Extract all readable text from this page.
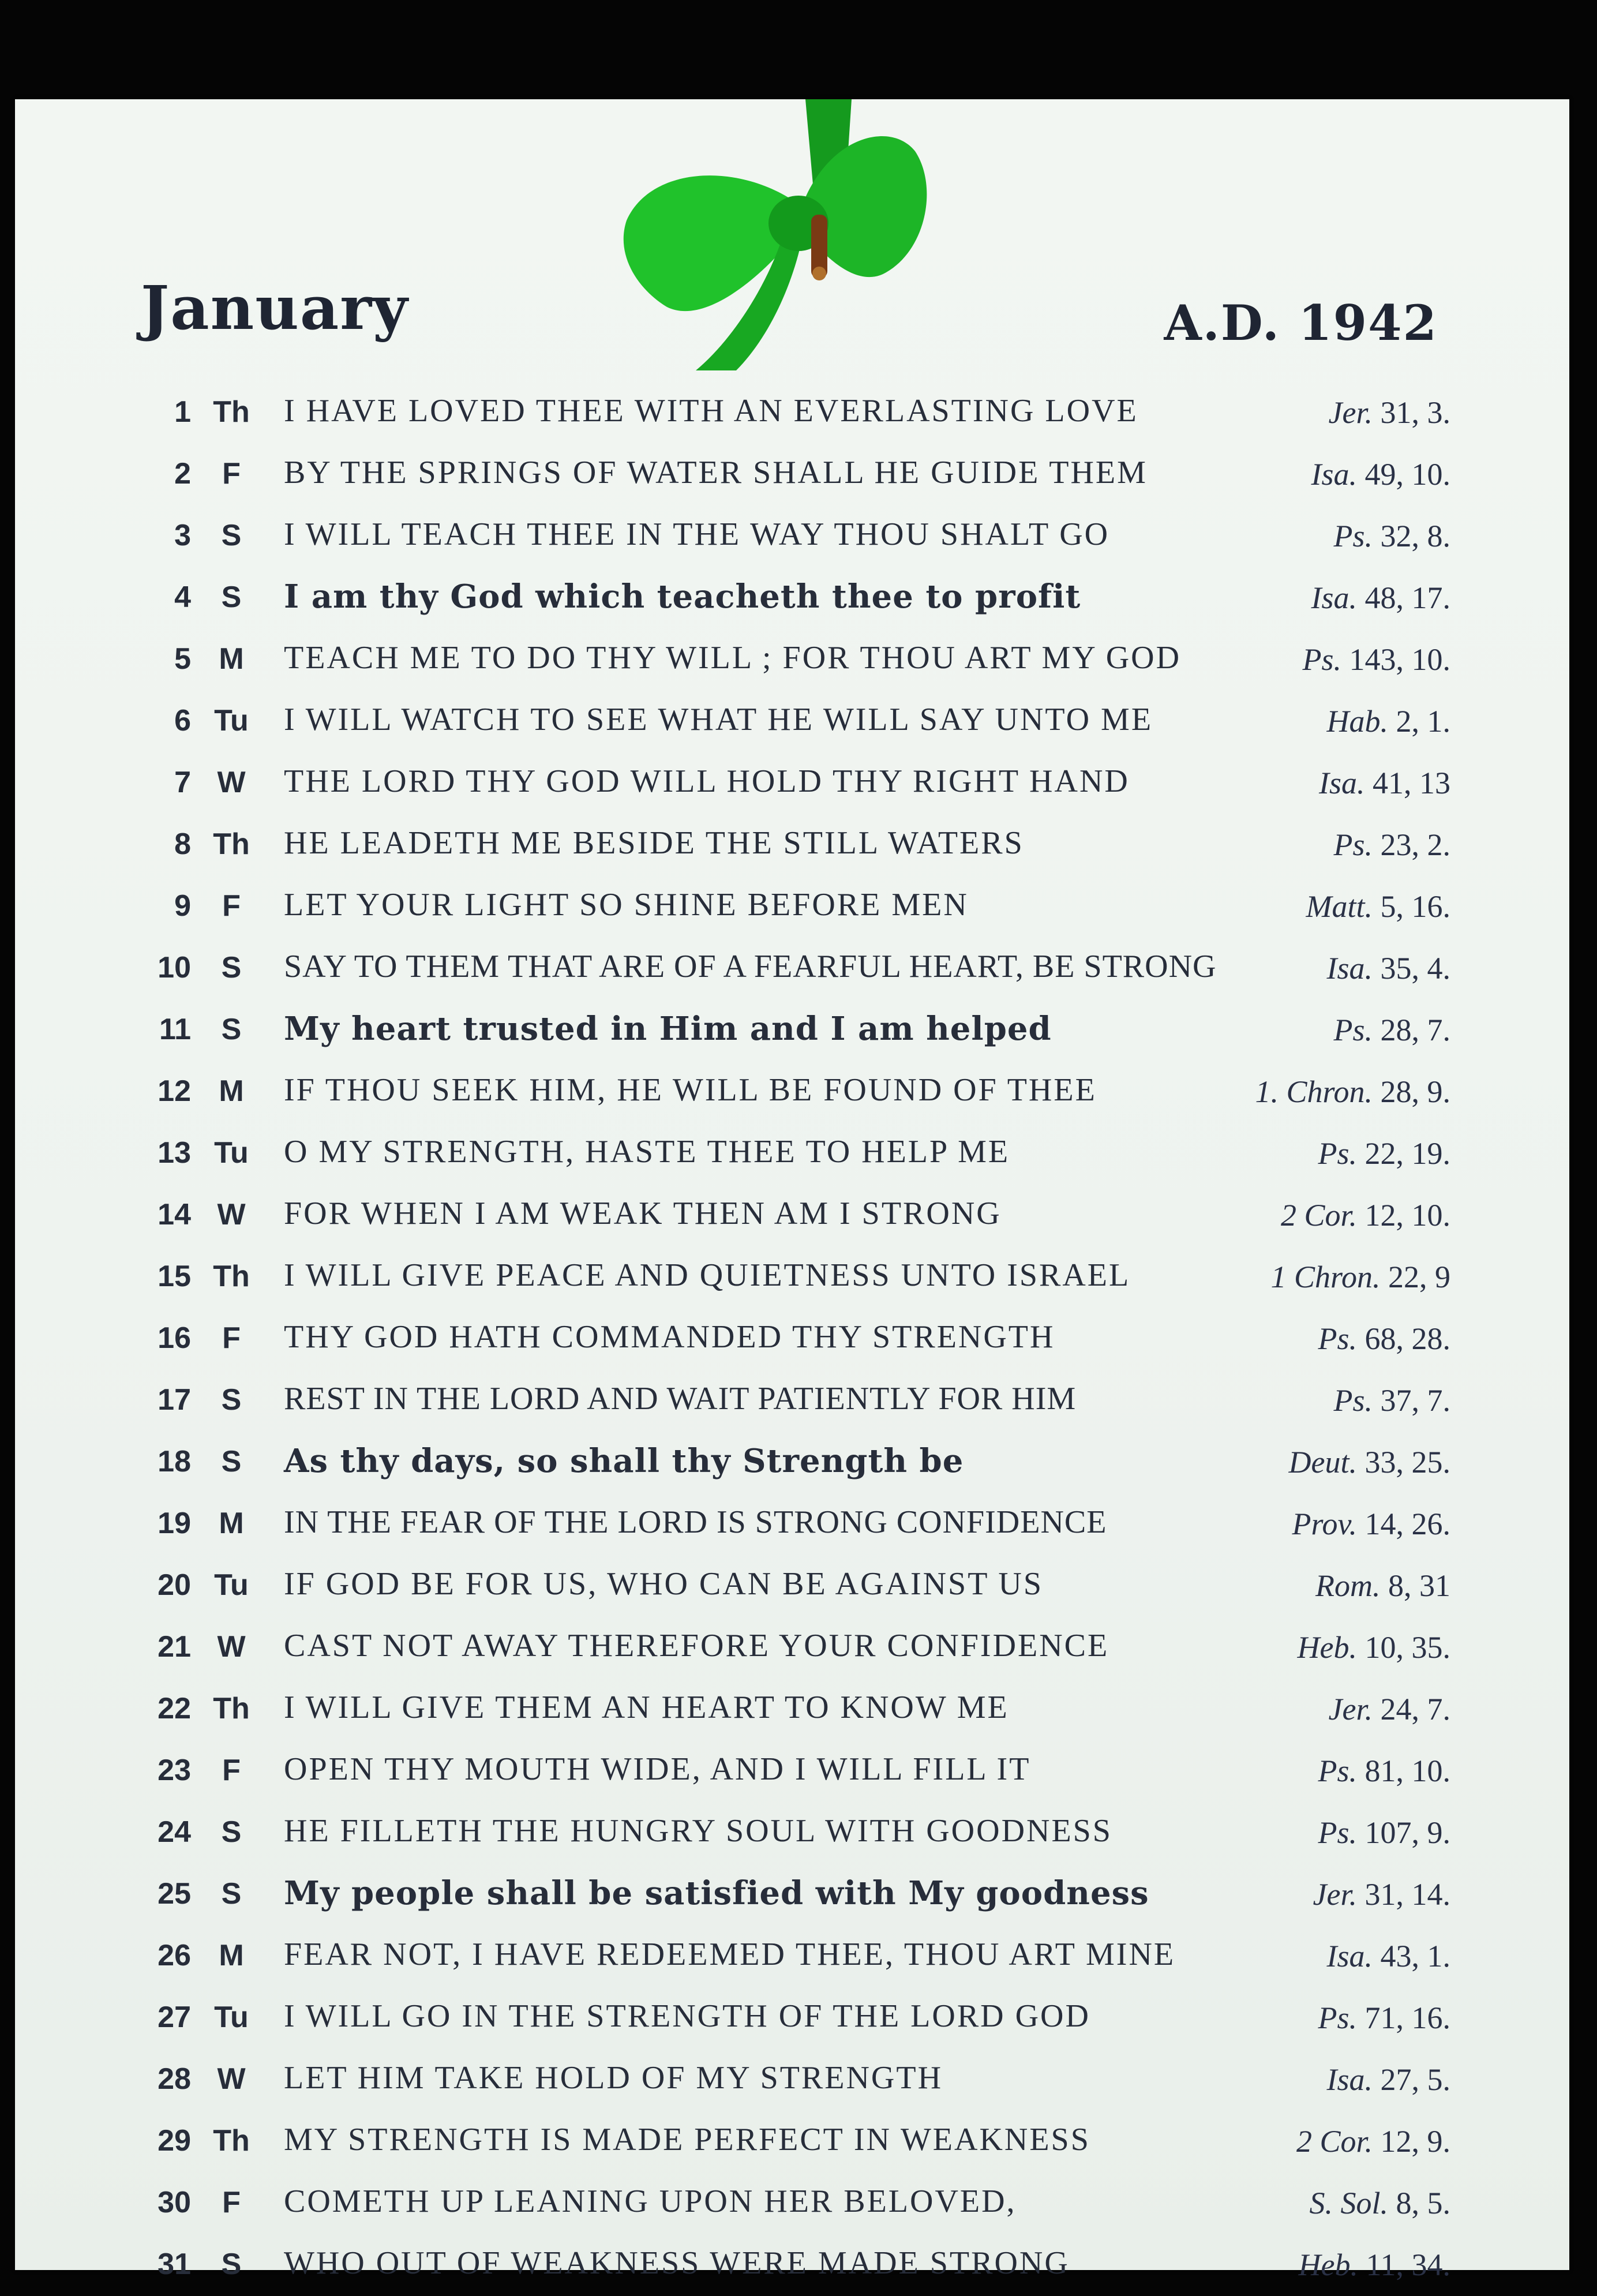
January	A.D. 1942
1 Th	I HAVE LOVED THEE WITH AN EVERLASTING LOVE	Jer. 31, 3.
2	F	BY THE SPRINGS OF WATER SHALL HE GUIDE THEM	Isa. 49, 10.
3	S	I WILL TEACH THEE IN THE WAY THOU SHALT GO	Ps. 32, 8.
4	S	I am thy God which teacheth thee to profit	Isa. 48, 17.
5 M	TEACH ME TO DO THY WILL ; FOR THOU ART MY GOD	Ps. 143, 10.
6 Tu	I WILL WATCH TO SEE WHAT HE WILL SAY UNTO ME	Hab. 2, 1.
7 W	THE LORD THY GOD WILL HOLD THY RIGHT HAND	Isa. 41, 13
8 Th	HE LEADETH ME BESIDE THE STILL WATERS	Ps. 23, 2.
9	F	LET YOUR LIGHT SO SHINE BEFORE MEN	Matt. 5, 16.
10	S	SAY TO THEM THAT ARE OF A FEARFUL HEART, BE STRONG	Isa. 35, 4.
11	S	My heart trusted in Him and I am helped	Ps. 28, 7.
12 M	IF THOU SEEK HIM, HE WILL BE FOUND OF THEE	1. Chron. 28, 9.
13 Tu	O MY STRENGTH, HASTE THEE TO HELP ME	Ps. 22, 19.
14 W	FOR WHEN I AM WEAK THEN AM I STRONG	2 Cor. 12, 10.
15 Th	I WILL GIVE PEACE AND QUIETNESS UNTO ISRAEL	1 Chron. 22, 9
16	F	THY GOD HATH COMMANDED THY STRENGTH	Ps. 68, 28.
17	S	REST IN THE LORD AND WAIT PATIENTLY FOR HIM	Ps. 37, 7.
18	S	As thy days, so shall thy Strength be	Deut. 33, 25.
19 M	IN THE FEAR OF THE LORD IS STRONG CONFIDENCE	Prov. 14, 26.
20 Tu	IF GOD BE FOR US, WHO CAN BE AGAINST US	Rom. 8, 31
21 W	CAST NOT AWAY THEREFORE YOUR CONFIDENCE	Heb. 10, 35.
22 Th	I WILL GIVE THEM AN HEART TO KNOW ME	Jer. 24, 7.
23	F	OPEN THY MOUTH WIDE, AND I WILL FILL IT	Ps. 81, 10.
24	S	HE FILLETH THE HUNGRY SOUL WITH GOODNESS	Ps. 107, 9.
25	S	My people shall be satisfied with My goodness	Jer. 31, 14.
26 M	FEAR NOT, I HAVE REDEEMED THEE, THOU ART MINE	Isa. 43, 1.
27 Tu	I WILL GO IN THE STRENGTH OF THE LORD GOD	Ps. 71, 16.
28 W	LET HIM TAKE HOLD OF MY STRENGTH	Isa. 27, 5.
29 Th	MY STRENGTH IS MADE PERFECT IN WEAKNESS	2 Cor. 12, 9.
30	F	COMETH UP LEANING UPON HER BELOVED,	S. Sol. 8, 5.
31	S	WHO OUT OF WEAKNESS WERE MADE STRONG	Heb. 11, 34.
